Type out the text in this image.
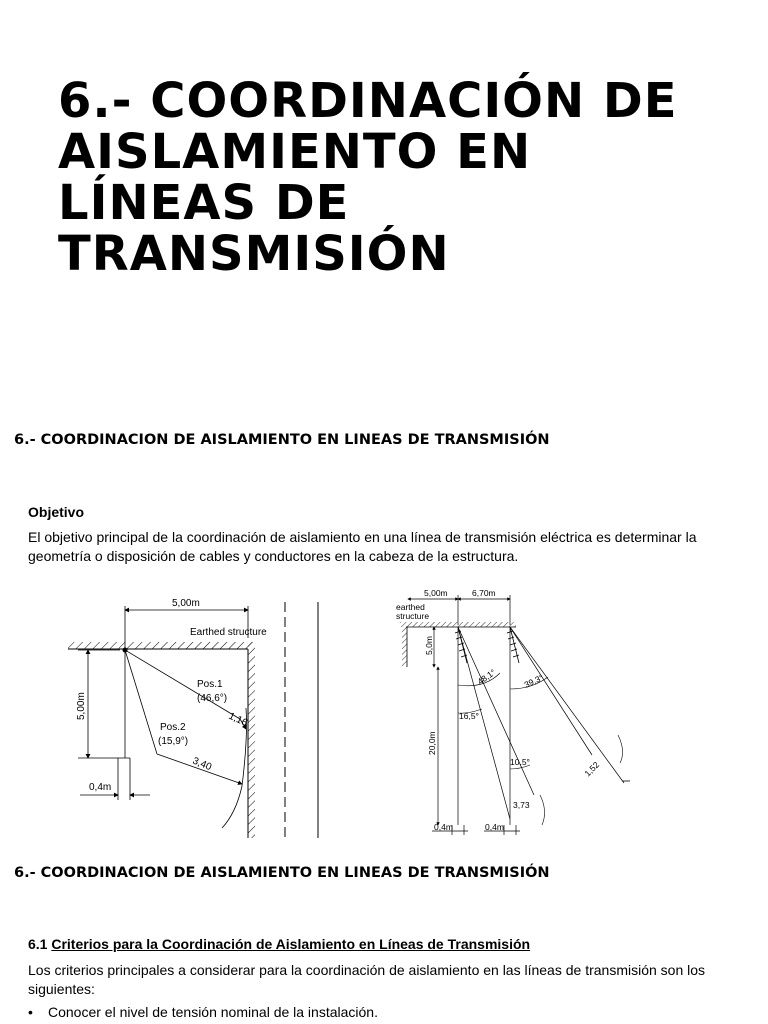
6.- COORDINACIÓN DE AISLAMIENTO EN LÍNEAS DE TRANSMISIÓN
6.- COORDINACION DE AISLAMIENTO EN LINEAS DE TRANSMISIÓN
Objetivo
El objetivo principal de la coordinación de aislamiento en una línea de transmisión eléctrica es determinar la geometría o disposición de cables y conductores en la cabeza de la estructura.
5,00m
Earthed structure
5,00m
Pos.1
(46,6°)
1,16
Pos.2
(15,9°)
3,40
0,4m
5,00m	6,70m
earthed
structure
5,0m
20,0m
48,1°	39,3°
16,5°
10,5°	1,52
3,73
0,4m	0,4m
6.- COORDINACION DE AISLAMIENTO EN LINEAS DE TRANSMISIÓN
6.1 Criterios para la Coordinación de Aislamiento en Líneas de Transmisión
Los criterios principales a considerar para la coordinación de aislamiento en las líneas de transmisión son los siguientes:
• Conocer el nivel de tensión nominal de la instalación.
